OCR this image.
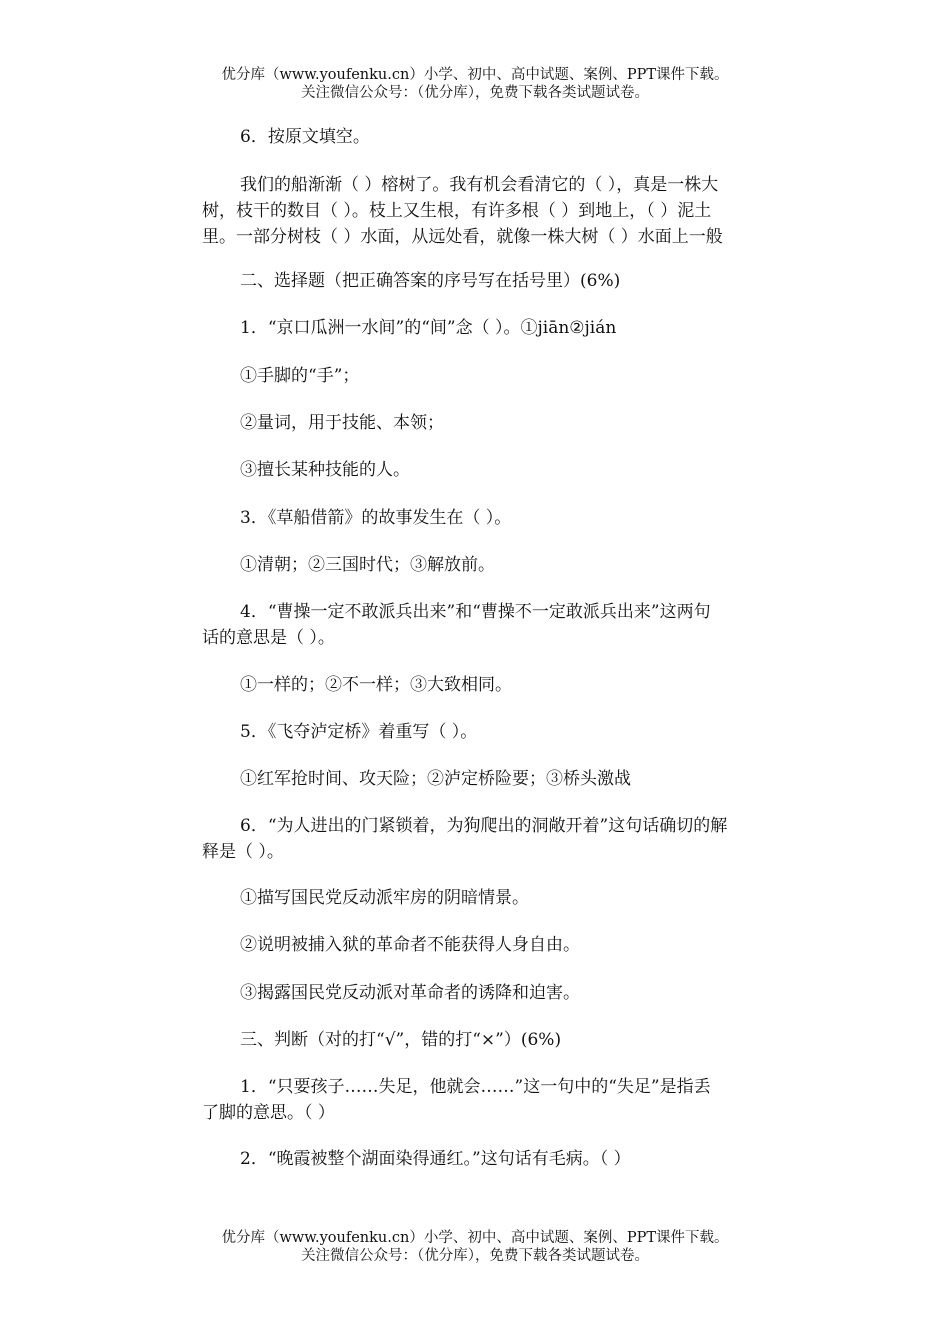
优分库（www.youfenku.cn）小学、初中、高中试题、案例、PPT课件下载。
关注微信公众号：（优分库），免费下载各类试题试卷。
6．按原文填空。
我们的船渐渐（ ）榕树了。我有机会看清它的（ ），真是一株大
树，枝干的数目（ ）。枝上又生根，有许多根（ ）到地上，（ ）泥土
里。一部分树枝（ ）水面，从远处看，就像一株大树（ ）水面上一般
二、选择题（把正确答案的序号写在括号里）(6%)
1．“京口瓜洲一水间”的“间”念（ ）。①jiān②jián
①手脚的“手”；
②量词，用于技能、本领；
③擅长某种技能的人。
3．《草船借箭》的故事发生在（ ）。
①清朝；②三国时代；③解放前。
4．“曹操一定不敢派兵出来”和“曹操不一定敢派兵出来”这两句
话的意思是（ ）。
①一样的；②不一样；③大致相同。
5．《飞夺泸定桥》着重写（ ）。
①红军抢时间、攻天险；②泸定桥险要；③桥头激战
6．“为人进出的门紧锁着，为狗爬出的洞敞开着”这句话确切的解
释是（ ）。
①描写国民党反动派牢房的阴暗情景。
②说明被捕入狱的革命者不能获得人身自由。
③揭露国民党反动派对革命者的诱降和迫害。
三、判断（对的打“√”，错的打“×”）(6%)
1．“只要孩子……失足，他就会……”这一句中的“失足”是指丢
了脚的意思。（ ）
2．“晚霞被整个湖面染得通红。”这句话有毛病。（ ）
优分库（www.youfenku.cn）小学、初中、高中试题、案例、PPT课件下载。
关注微信公众号：（优分库），免费下载各类试题试卷。
